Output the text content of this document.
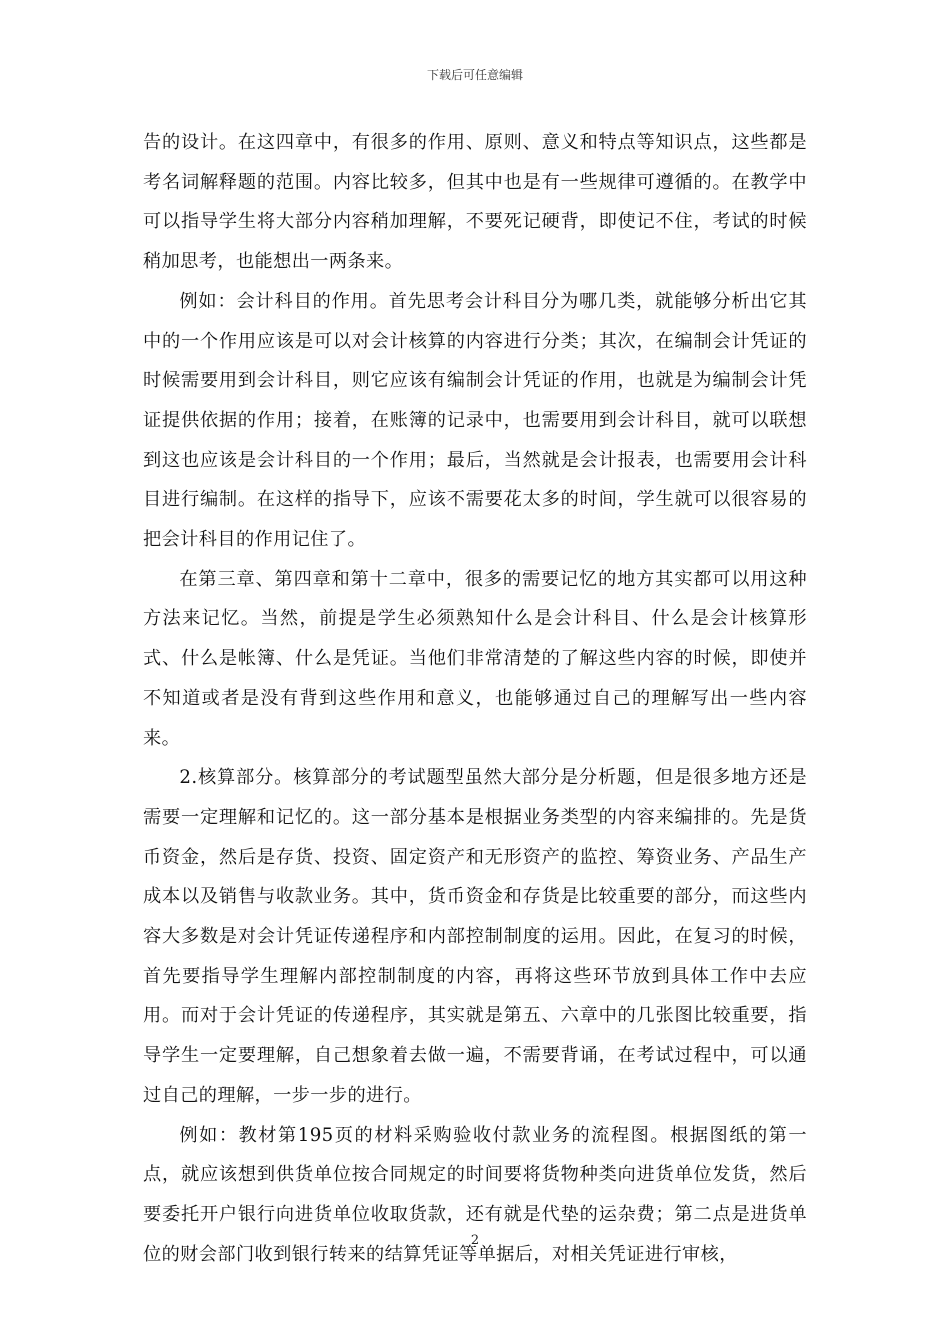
下载后可任意编辑

告的设计。在这四章中，有很多的作用、原则、意义和特点等知识点，这些都是考名词解释题的范围。内容比较多，但其中也是有一些规律可遵循的。在教学中可以指导学生将大部分内容稍加理解，不要死记硬背，即使记不住，考试的时候稍加思考，也能想出一两条来。

例如：会计科目的作用。首先思考会计科目分为哪几类，就能够分析出它其中的一个作用应该是可以对会计核算的内容进行分类；其次，在编制会计凭证的时候需要用到会计科目，则它应该有编制会计凭证的作用，也就是为编制会计凭证提供依据的作用；接着，在账簿的记录中，也需要用到会计科目，就可以联想到这也应该是会计科目的一个作用；最后，当然就是会计报表，也需要用会计科目进行编制。在这样的指导下，应该不需要花太多的时间，学生就可以很容易的把会计科目的作用记住了。

在第三章、第四章和第十二章中，很多的需要记忆的地方其实都可以用这种方法来记忆。当然，前提是学生必须熟知什么是会计科目、什么是会计核算形式、什么是帐簿、什么是凭证。当他们非常清楚的了解这些内容的时候，即使并不知道或者是没有背到这些作用和意义，也能够通过自己的理解写出一些内容来。

2.核算部分。核算部分的考试题型虽然大部分是分析题，但是很多地方还是需要一定理解和记忆的。这一部分基本是根据业务类型的内容来编排的。先是货币资金，然后是存货、投资、固定资产和无形资产的监控、筹资业务、产品生产成本以及销售与收款业务。其中，货币资金和存货是比较重要的部分，而这些内容大多数是对会计凭证传递程序和内部控制制度的运用。因此，在复习的时候，首先要指导学生理解内部控制制度的内容，再将这些环节放到具体工作中去应用。而对于会计凭证的传递程序，其实就是第五、六章中的几张图比较重要，指导学生一定要理解，自己想象着去做一遍，不需要背诵，在考试过程中，可以通过自己的理解，一步一步的进行。

例如：教材第195页的材料采购验收付款业务的流程图。根据图纸的第一点，就应该想到供货单位按合同规定的时间要将货物种类向进货单位发货，然后要委托开户银行向进货单位收取货款，还有就是代垫的运杂费；第二点是进货单位的财会部门收到银行转来的结算凭证等单据后，对相关凭证进行审核，

2
